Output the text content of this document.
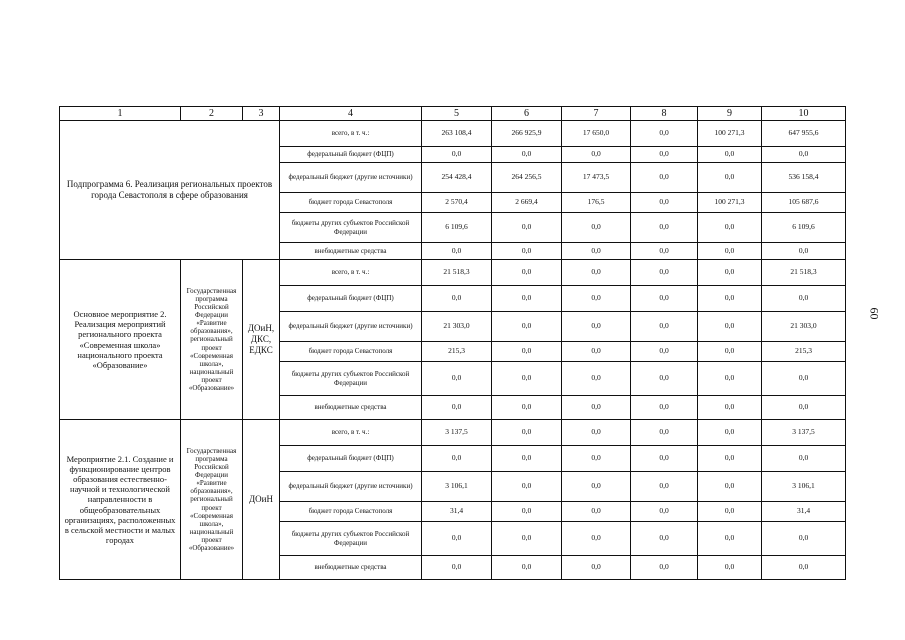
60
1	2	3	4	5	6	7	8	9	10
Подпрограмма 6. Реализация региональных проектов города Севастополя в сфере образования			всего, в т. ч.:	263 108,4	266 925,9	17 650,0	0,0	100 271,3	647 955,6
			федеральный бюджет (ФЦП)	0,0	0,0	0,0	0,0	0,0	0,0
			федеральный бюджет (другие источники)	254 428,4	264 256,5	17 473,5	0,0	0,0	536 158,4
			бюджет города Севастополя	2 570,4	2 669,4	176,5	0,0	100 271,3	105 687,6
			бюджеты других субъектов Российской Федерации	6 109,6	0,0	0,0	0,0	0,0	6 109,6
			внебюджетные средства	0,0	0,0	0,0	0,0	0,0	0,0
Основное мероприятие 2. Реализация мероприятий регионального проекта «Современная школа» национального проекта «Образование»	Государственная программа Российской Федерации «Развитие образования», региональный проект «Современная школа», национальный проект «Образование»	ДОиН, ДКС, ЕДКС	всего, в т. ч.:	21 518,3	0,0	0,0	0,0	0,0	21 518,3
			федеральный бюджет (ФЦП)	0,0	0,0	0,0	0,0	0,0	0,0
			федеральный бюджет (другие источники)	21 303,0	0,0	0,0	0,0	0,0	21 303,0
			бюджет города Севастополя	215,3	0,0	0,0	0,0	0,0	215,3
			бюджеты других субъектов Российской Федерации	0,0	0,0	0,0	0,0	0,0	0,0
			внебюджетные средства	0,0	0,0	0,0	0,0	0,0	0,0
Мероприятие 2.1. Создание и функционирование центров образования естественно-научной и технологической направленности в общеобразовательных организациях, расположенных в сельской местности и малых городах	Государственная программа Российской Федерации «Развитие образования», региональный проект «Современная школа», национальный проект «Образование»	ДОиН	всего, в т. ч.:	3 137,5	0,0	0,0	0,0	0,0	3 137,5
			федеральный бюджет (ФЦП)	0,0	0,0	0,0	0,0	0,0	0,0
			федеральный бюджет (другие источники)	3 106,1	0,0	0,0	0,0	0,0	3 106,1
			бюджет города Севастополя	31,4	0,0	0,0	0,0	0,0	31,4
			бюджеты других субъектов Российской Федерации	0,0	0,0	0,0	0,0	0,0	0,0
			внебюджетные средства	0,0	0,0	0,0	0,0	0,0	0,0
